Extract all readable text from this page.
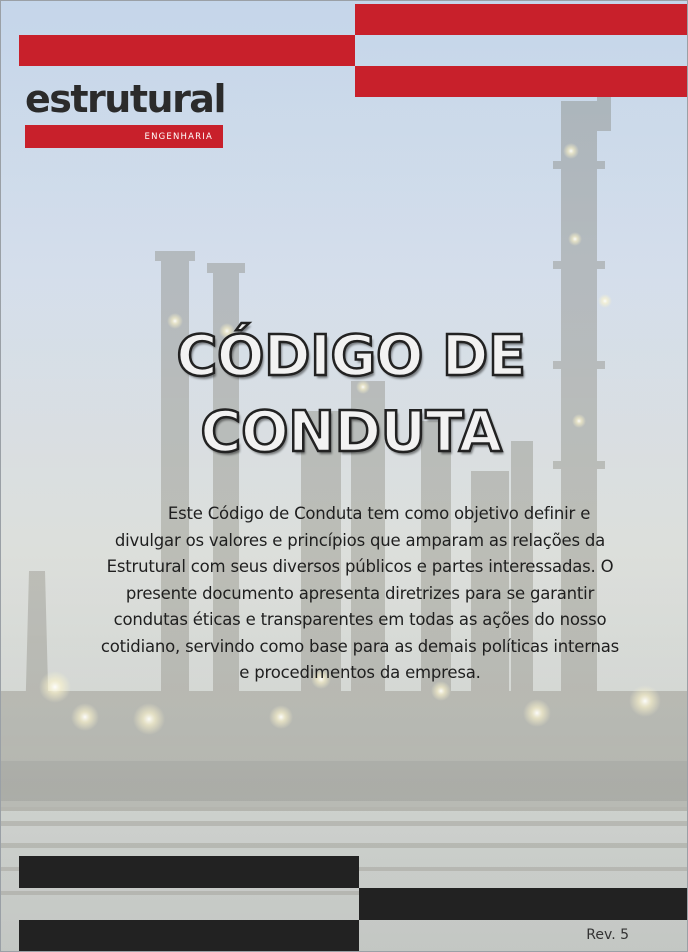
estrutural
ENGENHARIA
CÓDIGO DE
CONDUTA

Este Código de Conduta tem como objetivo definir e divulgar os valores e princípios que amparam as relações da Estrutural com seus diversos públicos e partes interessadas. O presente documento apresenta diretrizes para se garantir condutas éticas e transparentes em todas as ações do nosso cotidiano, servindo como base para as demais políticas internas e procedimentos da empresa.

Rev. 5
